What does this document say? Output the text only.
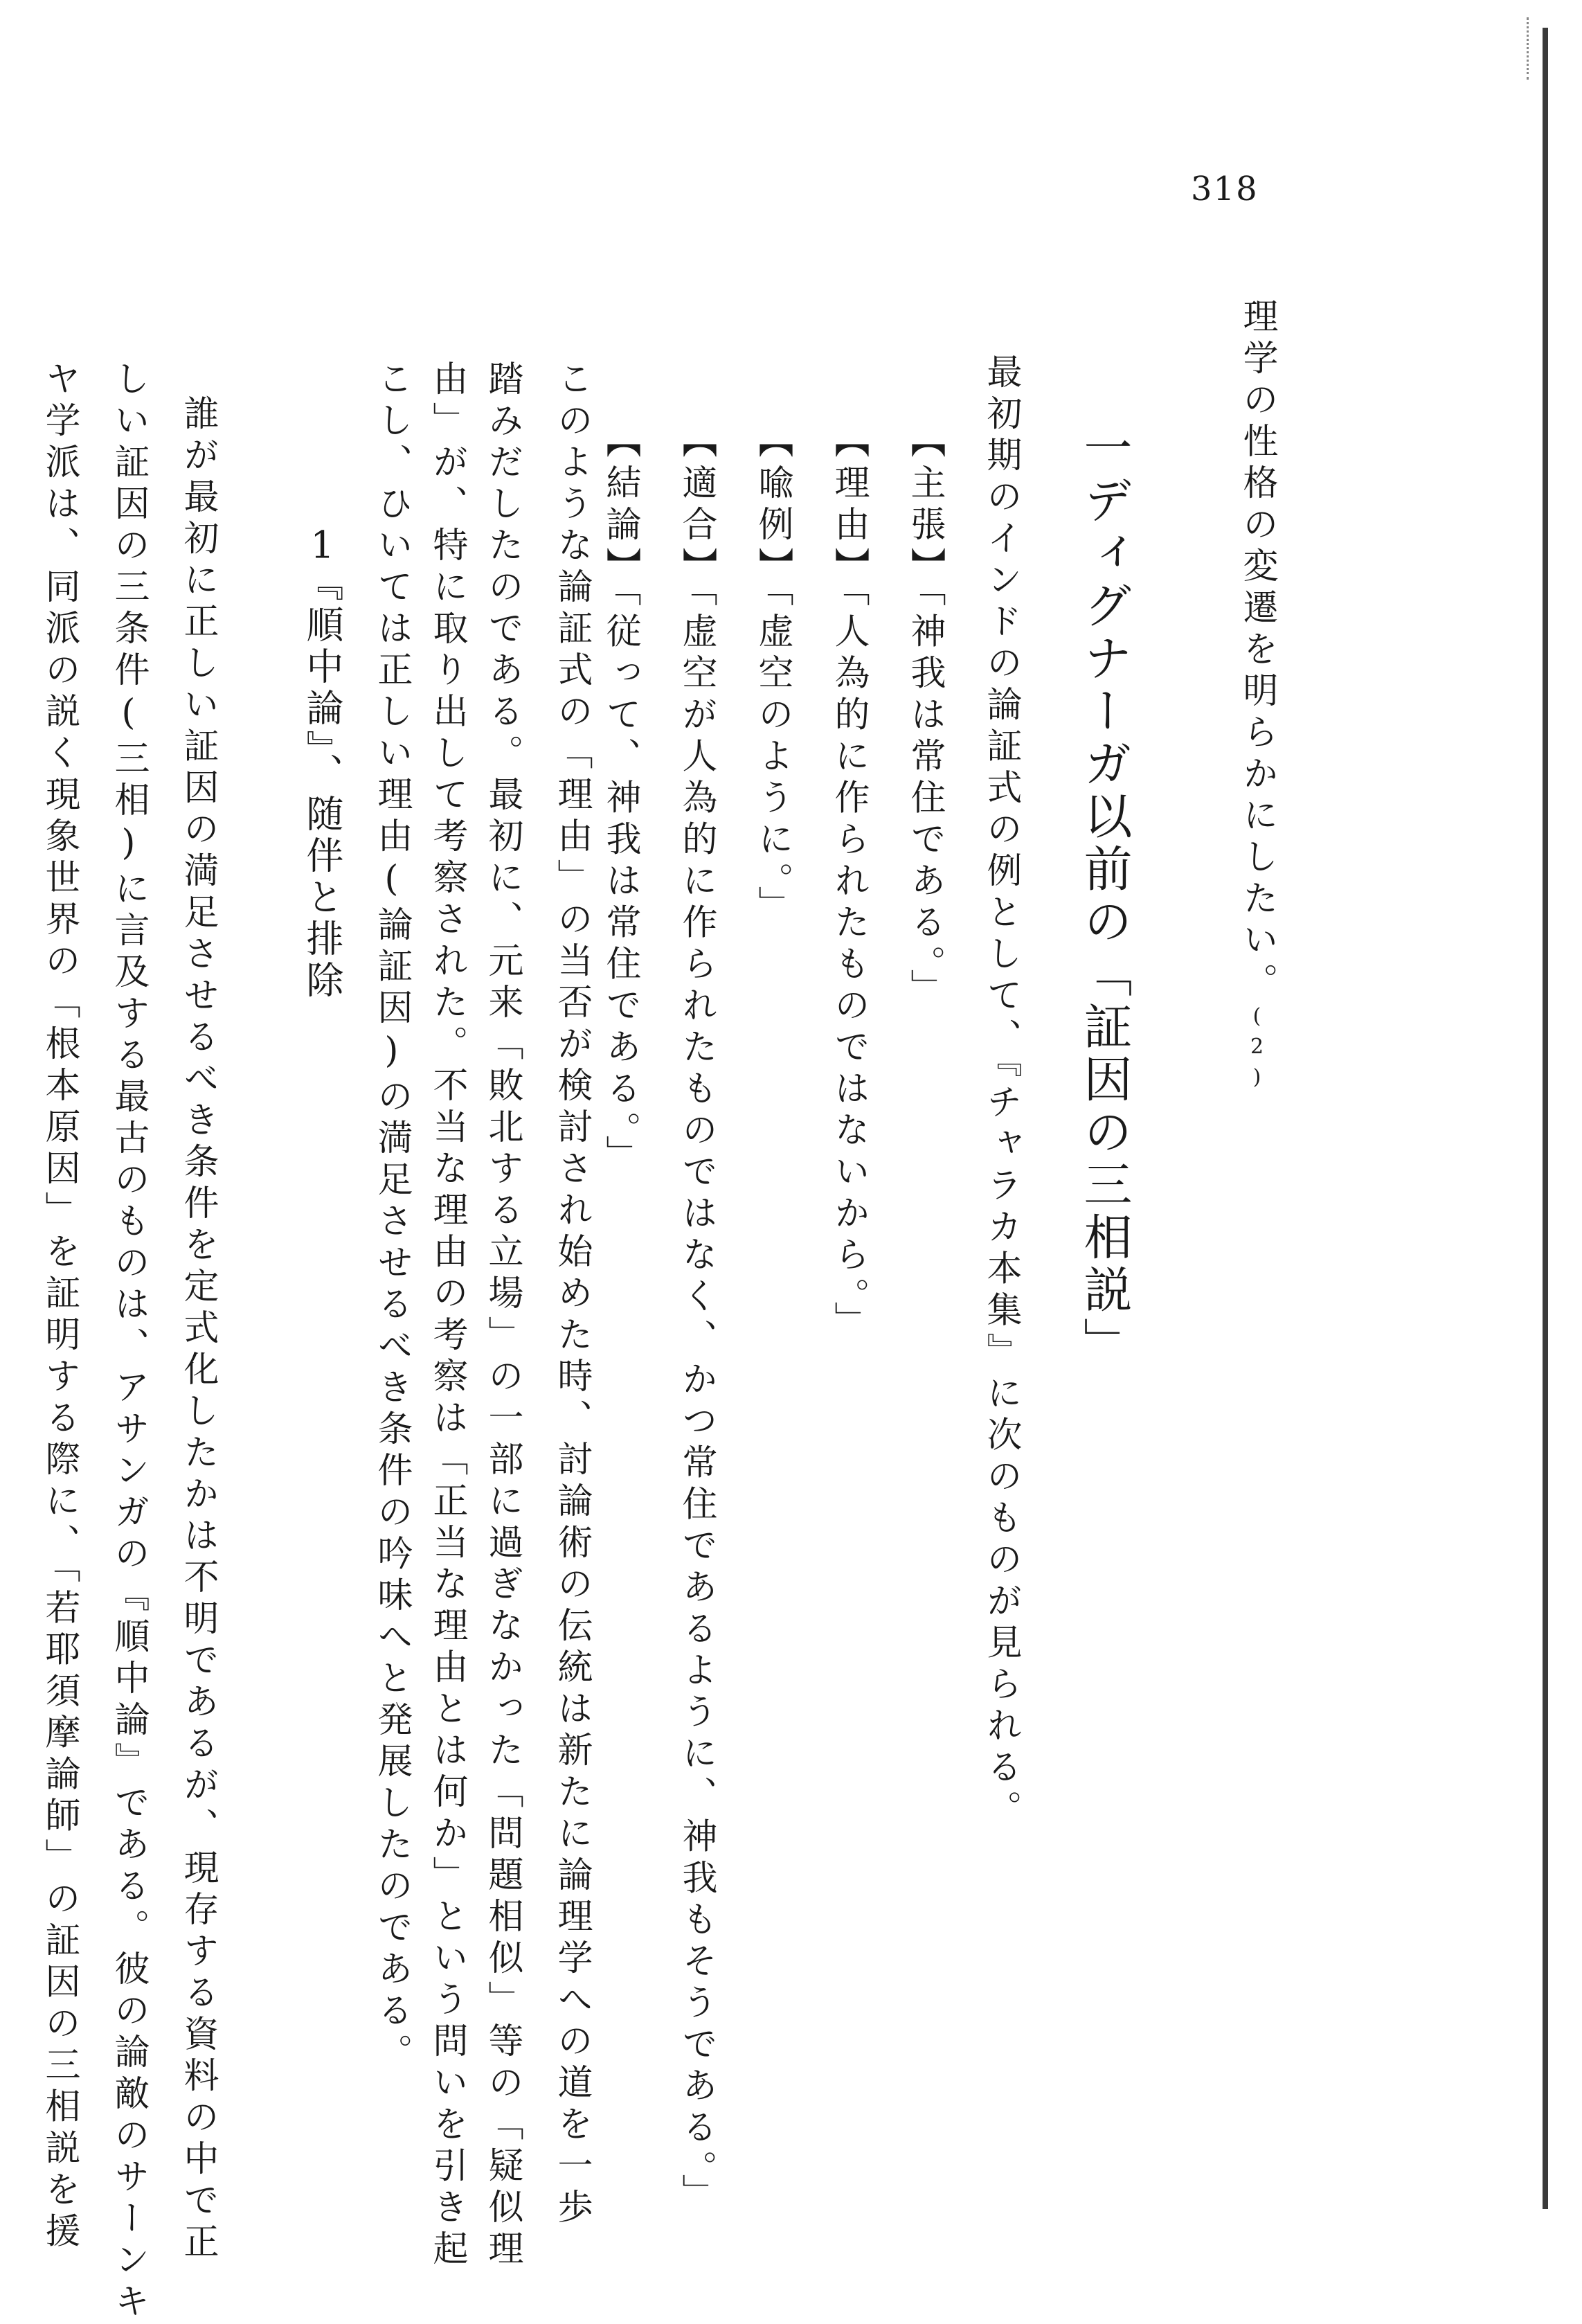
318
理学の性格の変遷を明らかにしたい。(2)
一ディグナーガ以前の「証因の三相説」
最初期のインドの論証式の例として、『チャラカ本集』に次のものが見られる。
【主張】「神我は常住である。」
【理由】「人為的に作られたものではないから。」
【喩例】「虚空のように。」
【適合】「虚空が人為的に作られたものではなく、かつ常住であるように、神我もそうである。」
【結論】「従って、神我は常住である。」
このような論証式の「理由」の当否が検討され始めた時、討論術の伝統は新たに論理学への道を一歩
踏みだしたのである。最初に、元来「敗北する立場」の一部に過ぎなかった「問題相似」等の「疑似理
由」が、特に取り出して考察された。不当な理由の考察は「正当な理由とは何か」という問いを引き起
こし、ひいては正しい理由(論証因)の満足させるべき条件の吟味へと発展したのである。
1『順中論』、随伴と排除
誰が最初に正しい証因の満足させるべき条件を定式化したかは不明であるが、現存する資料の中で正
しい証因の三条件(三相)に言及する最古のものは、アサンガの『順中論』である。彼の論敵のサーンキ
ヤ学派は、同派の説く現象世界の「根本原因」を証明する際に、「若耶須摩論師」の証因の三相説を援
